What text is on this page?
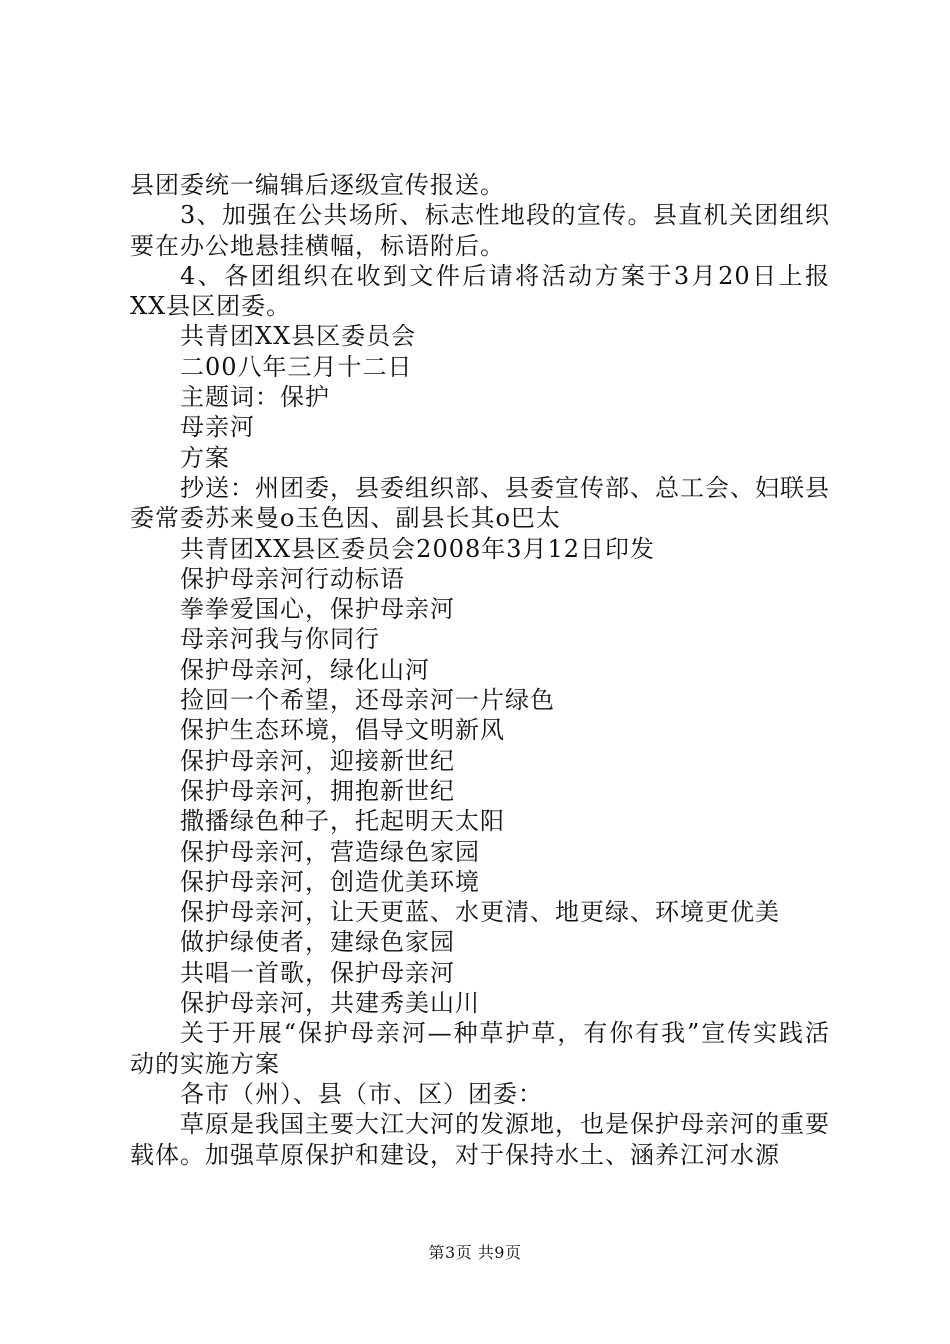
县团委统一编辑后逐级宣传报送。
3、加强在公共场所、标志性地段的宣传。县直机关团组织要在办公地悬挂横幅，标语附后。
4、各团组织在收到文件后请将活动方案于3月20日上报XX县区团委。
共青团XX县区委员会
二00八年三月十二日
主题词：保护
母亲河
方案
抄送：州团委，县委组织部、县委宣传部、总工会、妇联县委常委苏来曼o玉色因、副县长其o巴太
共青团XX县区委员会2008年3月12日印发
保护母亲河行动标语
拳拳爱国心，保护母亲河
母亲河我与你同行
保护母亲河，绿化山河
捡回一个希望，还母亲河一片绿色
保护生态环境，倡导文明新风
保护母亲河，迎接新世纪
保护母亲河，拥抱新世纪
撒播绿色种子，托起明天太阳
保护母亲河，营造绿色家园
保护母亲河，创造优美环境
保护母亲河，让天更蓝、水更清、地更绿、环境更优美
做护绿使者，建绿色家园
共唱一首歌，保护母亲河
保护母亲河，共建秀美山川
关于开展“保护母亲河—种草护草，有你有我”宣传实践活动的实施方案
各市（州）、县（市、区）团委：
草原是我国主要大江大河的发源地，也是保护母亲河的重要载体。加强草原保护和建设，对于保持水土、涵养江河水源
第3页 共9页
